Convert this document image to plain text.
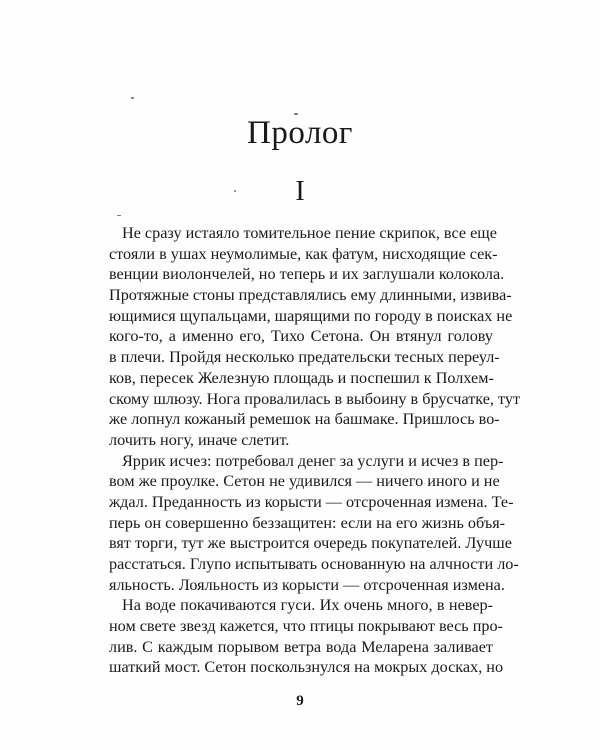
Пролог
I
Не сразу истаяло томительное пение скрипок, все еще
стояли в ушах неумолимые, как фатум, нисходящие сек-
венции виолончелей, но теперь и их заглушали колокола.
Протяжные стоны представлялись ему длинными, извива-
ющимися щупальцами, шарящими по городу в поисках не
кого-то, а именно его, Тихо Сетона. Он втянул голову
в плечи. Пройдя несколько предательски тесных переул-
ков, пересек Железную площадь и поспешил к Полхем-
скому шлюзу. Нога провалилась в выбоину в брусчатке, тут
же лопнул кожаный ремешок на башмаке. Пришлось во-
лочить ногу, иначе слетит.
Яррик исчез: потребовал денег за услуги и исчез в пер-
вом же проулке. Сетон не удивился — ничего иного и не
ждал. Преданность из корысти — отсроченная измена. Те-
перь он совершенно беззащитен: если на его жизнь объя-
вят торги, тут же выстроится очередь покупателей. Лучше
расстаться. Глупо испытывать основанную на алчности ло-
яльность. Лояльность из корысти — отсроченная измена.
На воде покачиваются гуси. Их очень много, в невер-
ном свете звезд кажется, что птицы покрывают весь про-
лив. С каждым порывом ветра вода Меларена заливает
шаткий мост. Сетон поскользнулся на мокрых досках, но
9
